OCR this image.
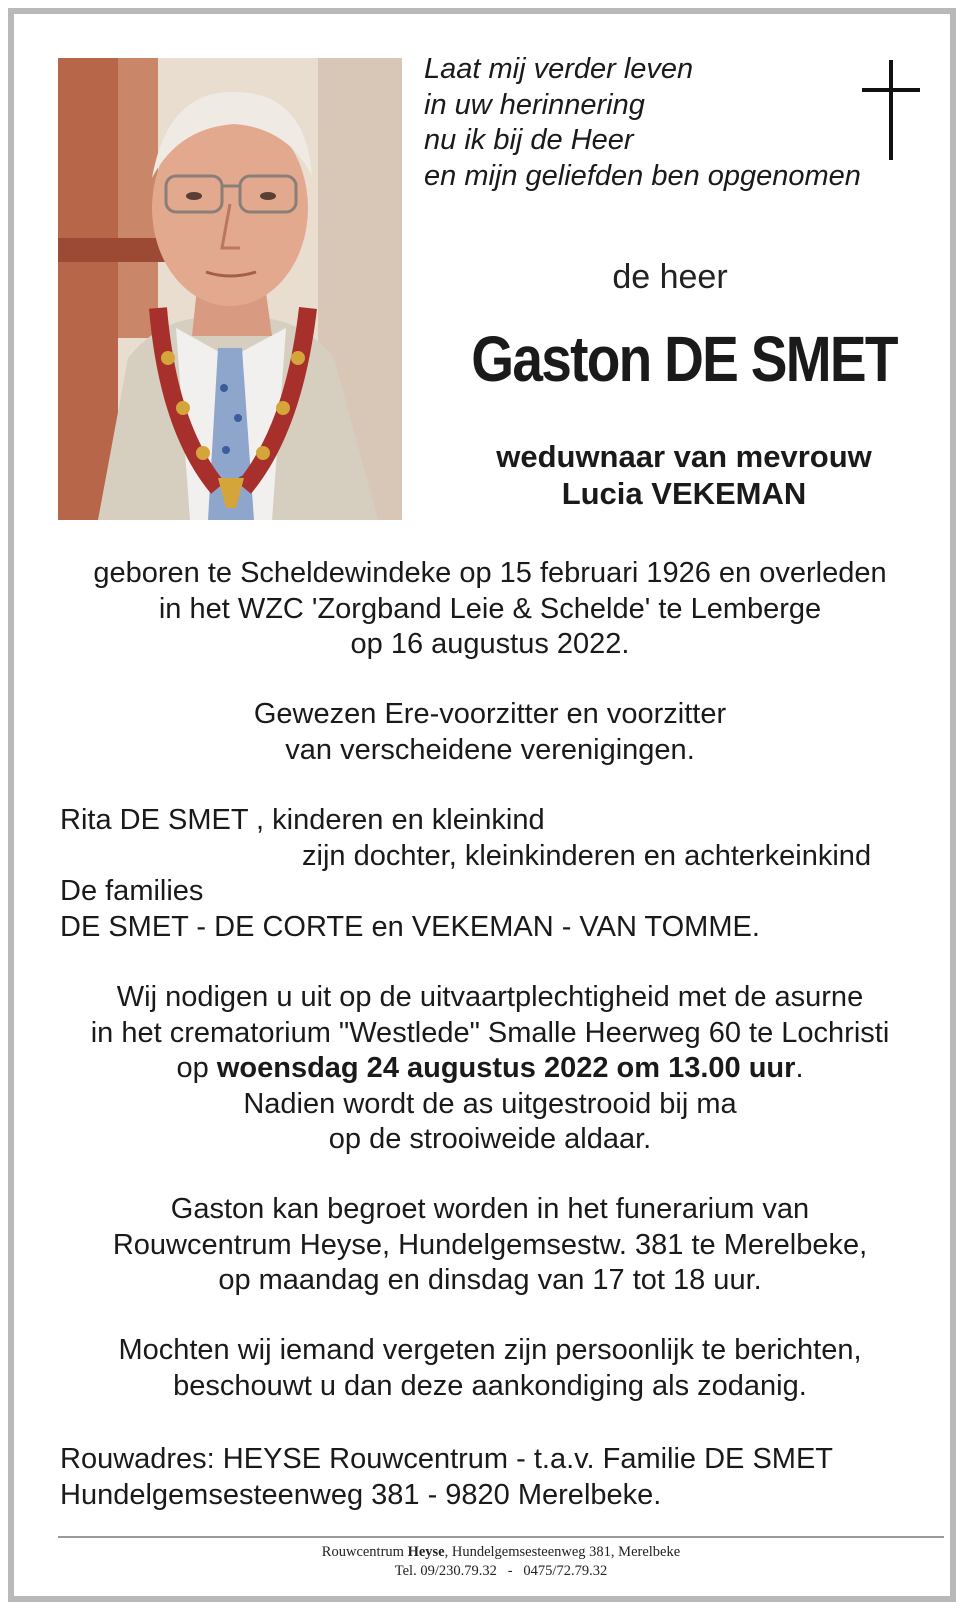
Laat mij verder leven
in uw herinnering
nu ik bij de Heer
en mijn geliefden ben opgenomen
de heer
Gaston DE SMET
weduwnaar van mevrouw
Lucia VEKEMAN
geboren te Scheldewindeke op 15 februari 1926 en overleden
in het WZC 'Zorgband Leie & Schelde' te Lemberge
op 16 augustus 2022.
Gewezen Ere-voorzitter en voorzitter
van verscheidene verenigingen.
Rita DE SMET , kinderen en kleinkind
zijn dochter, kleinkinderen en achterkeinkind
De families
DE SMET - DE CORTE en VEKEMAN - VAN TOMME.
Wij nodigen u uit op de uitvaartplechtigheid met de asurne
in het crematorium "Westlede" Smalle Heerweg 60 te Lochristi
op woensdag 24 augustus 2022 om 13.00 uur.
Nadien wordt de as uitgestrooid bij ma
op de strooiweide aldaar.
Gaston kan begroet worden in het funerarium van
Rouwcentrum Heyse, Hundelgemsestw. 381 te Merelbeke,
op maandag en dinsdag van 17 tot 18 uur.
Mochten wij iemand vergeten zijn persoonlijk te berichten,
beschouwt u dan deze aankondiging als zodanig.
Rouwadres: HEYSE Rouwcentrum - t.a.v. Familie DE SMET
Hundelgemsesteenweg 381 - 9820 Merelbeke.
Rouwcentrum Heyse, Hundelgemsesteenweg 381, Merelbeke
Tel. 09/230.79.32   -   0475/72.79.32
